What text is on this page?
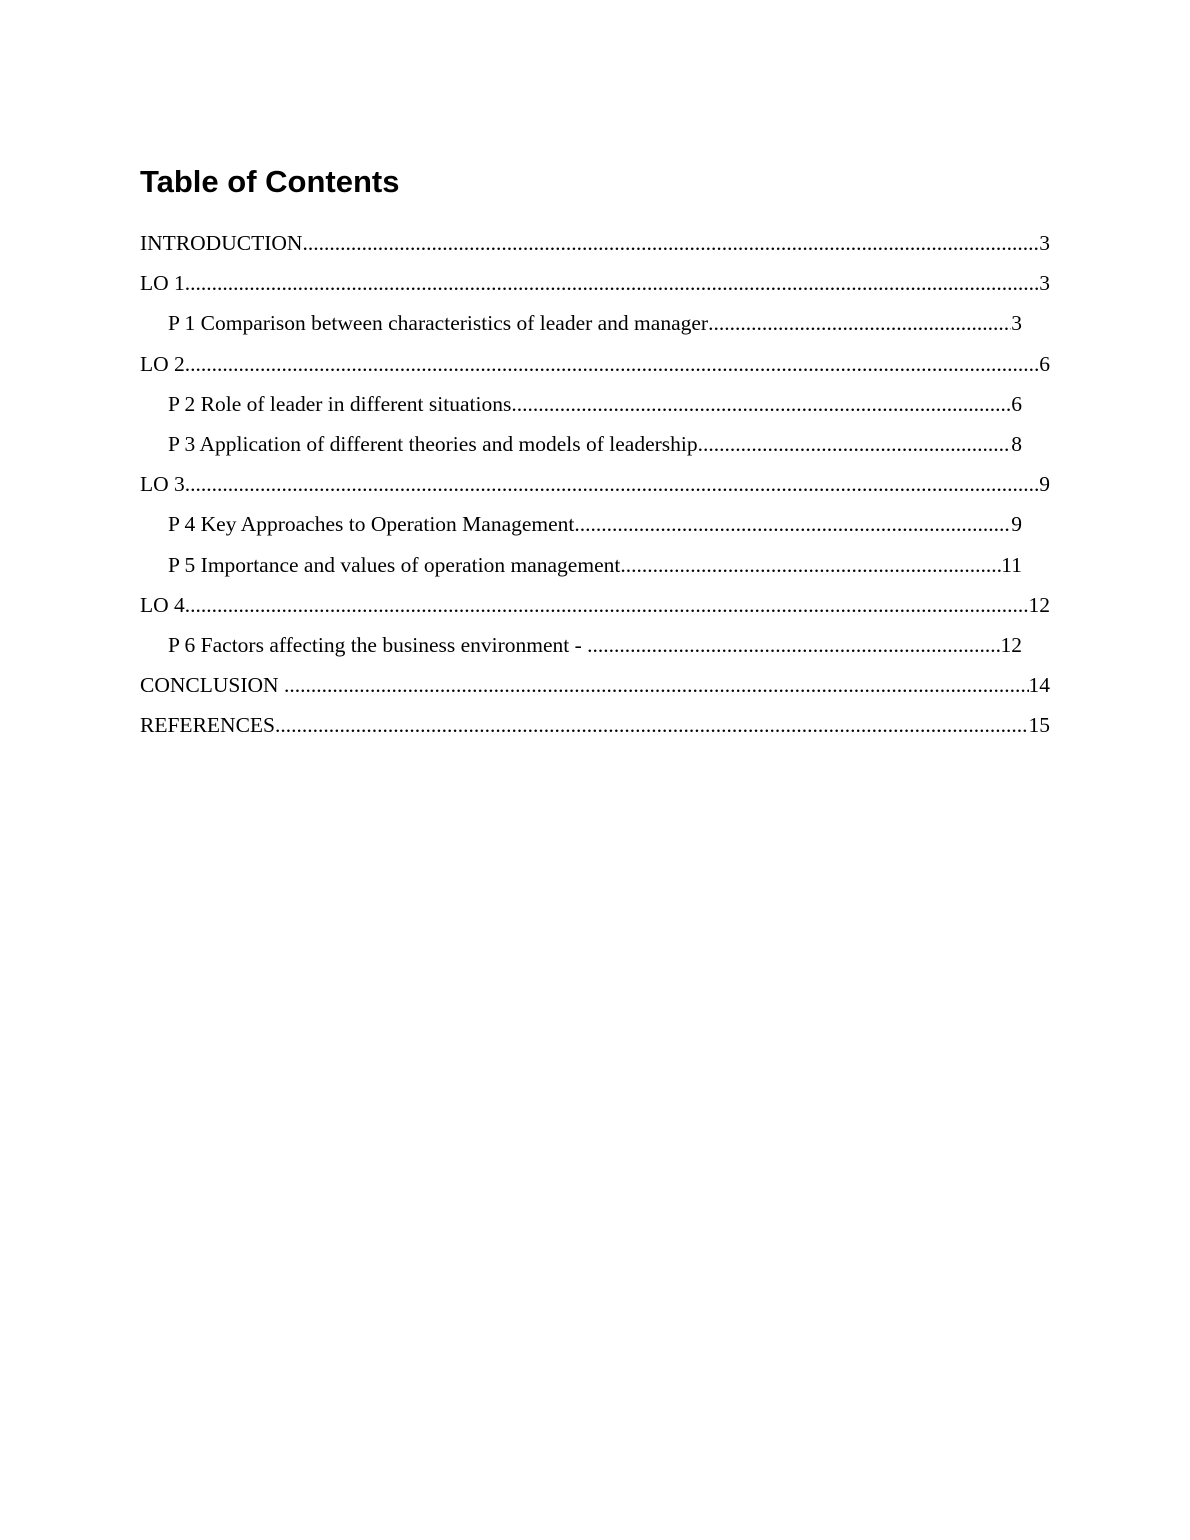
Table of Contents
INTRODUCTION .....	3
LO 1 .....	3
P 1 Comparison between characteristics of leader and manager .....	3
LO 2 .....	6
P 2 Role of leader in different situations .....	6
P 3 Application of different theories and models of leadership .....	8
LO 3 .....	9
P 4 Key Approaches to Operation Management .....	9
P 5 Importance and values of operation management .....	11
LO 4 .....	12
P 6 Factors affecting the business environment - .....	12
CONCLUSION .....	14
REFERENCES .....	15
